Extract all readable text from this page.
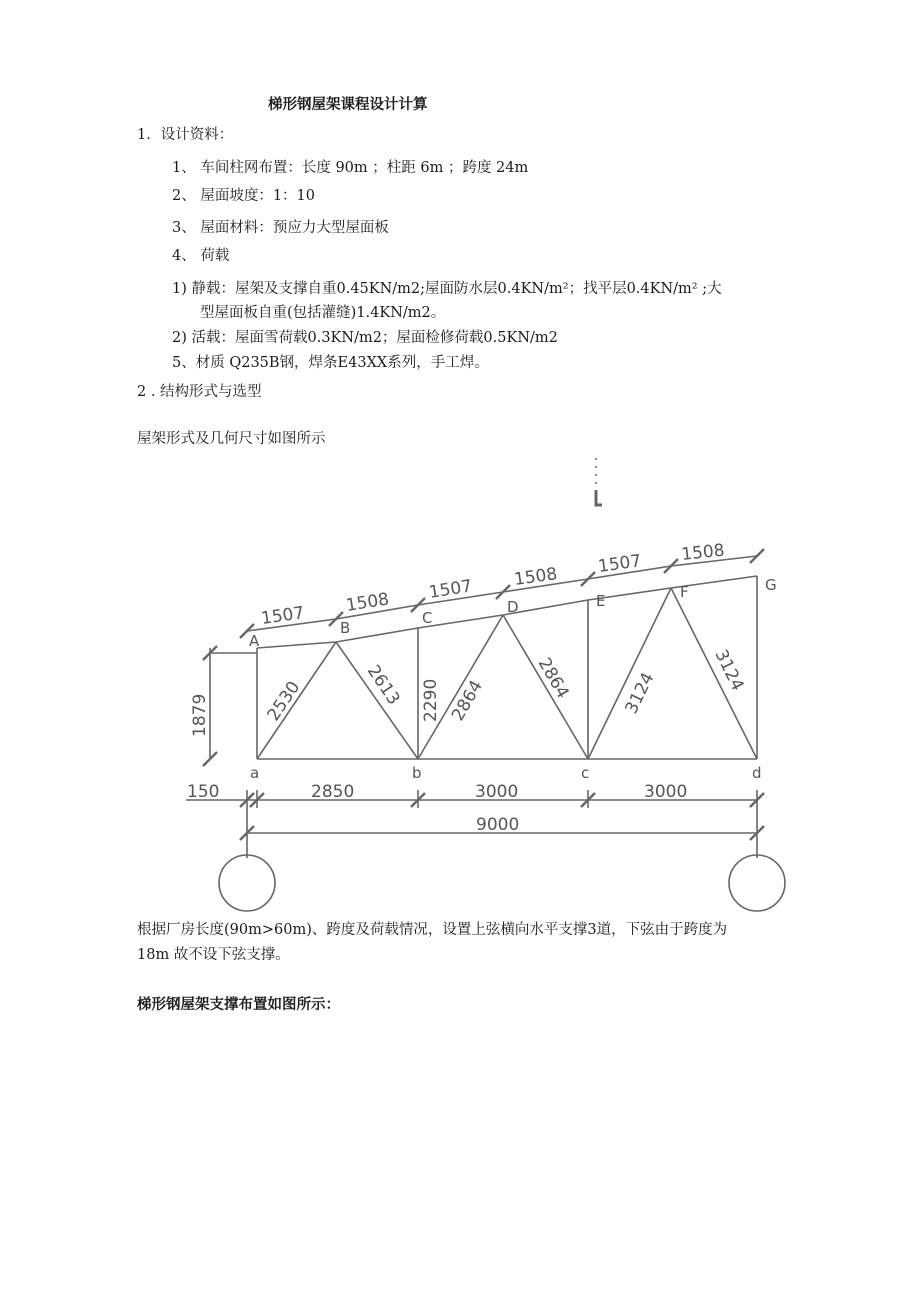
梯形钢屋架课程设计计算
1．设计资料：
1、 车间柱网布置：长度 90m ；柱距 6m ；跨度 24m
2、 屋面坡度：1：10
3、 屋面材料：预应力大型屋面板
4、 荷载
1) 静载：屋架及支撑自重0.45KN/m2;屋面防水层0.4KN/m²；找平层0.4KN/m² ;大
型屋面板自重(包括灌缝)1.4KN/m2。
2) 活载：屋面雪荷载0.3KN/m2；屋面检修荷载0.5KN/m2
5、材质 Q235B钢，焊条E43XX系列，手工焊。
2 . 结构形式与选型
屋架形式及几何尺寸如图所示
根据厂房长度(90m>60m)、跨度及荷载情况，设置上弦横向水平支撑3道，下弦由于跨度为
18m 故不设下弦支撑。
梯形钢屋架支撑布置如图所示：
A
B
C
D	E	F	G
a	b	c	d
1507
1508 1507 1508
1507 1508
1879	2530	2613 2290 2864	2864	3124	3124
150	2850	3000	3000
9000
